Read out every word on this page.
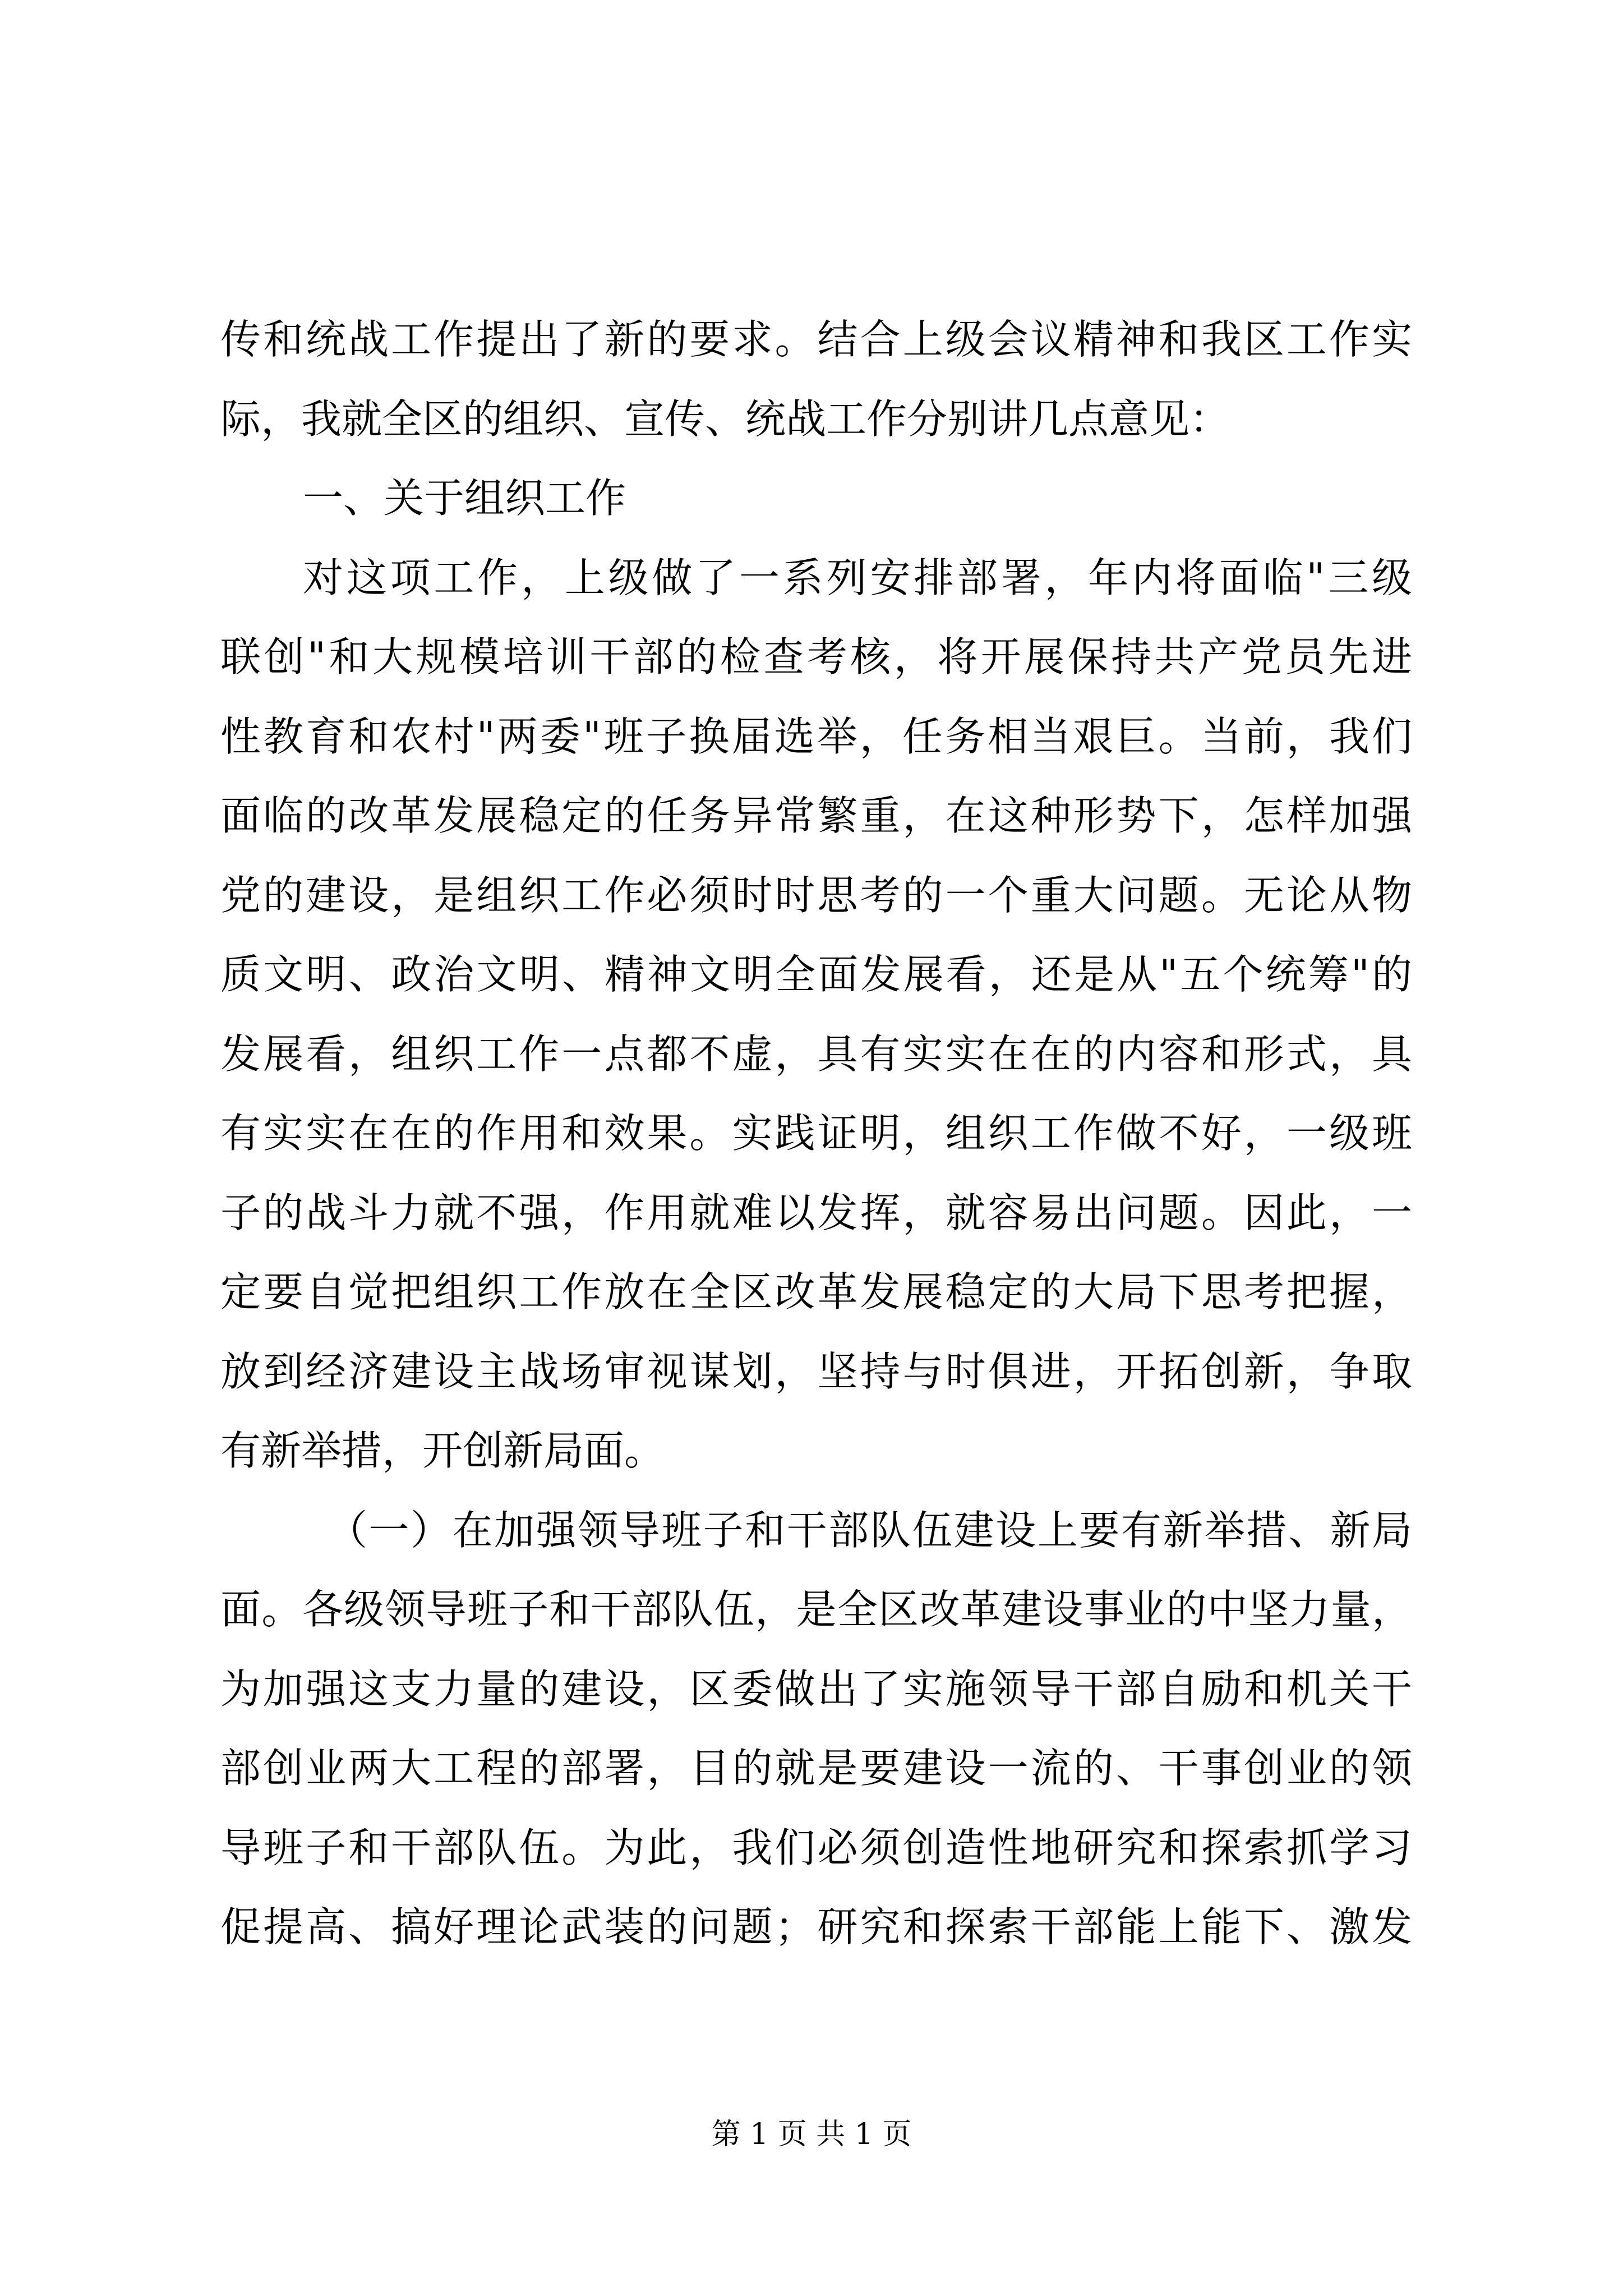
传和统战工作提出了新的要求。结合上级会议精神和我区工作实
际，我就全区的组织、宣传、统战工作分别讲几点意见：
一、关于组织工作
对这项工作，上级做了一系列安排部署，年内将面临"三级
联创"和大规模培训干部的检查考核，将开展保持共产党员先进
性教育和农村"两委"班子换届选举，任务相当艰巨。当前，我们
面临的改革发展稳定的任务异常繁重，在这种形势下，怎样加强
党的建设，是组织工作必须时时思考的一个重大问题。无论从物
质文明、政治文明、精神文明全面发展看，还是从"五个统筹"的
发展看，组织工作一点都不虚，具有实实在在的内容和形式，具
有实实在在的作用和效果。实践证明，组织工作做不好，一级班
子的战斗力就不强，作用就难以发挥，就容易出问题。因此，一
定要自觉把组织工作放在全区改革发展稳定的大局下思考把握，
放到经济建设主战场审视谋划，坚持与时俱进，开拓创新，争取
有新举措，开创新局面。
（一）在加强领导班子和干部队伍建设上要有新举措、新局
面。各级领导班子和干部队伍，是全区改革建设事业的中坚力量，
为加强这支力量的建设，区委做出了实施领导干部自励和机关干
部创业两大工程的部署，目的就是要建设一流的、干事创业的领
导班子和干部队伍。为此，我们必须创造性地研究和探索抓学习
促提高、搞好理论武装的问题；研究和探索干部能上能下、激发
第 1 页 共 1 页
